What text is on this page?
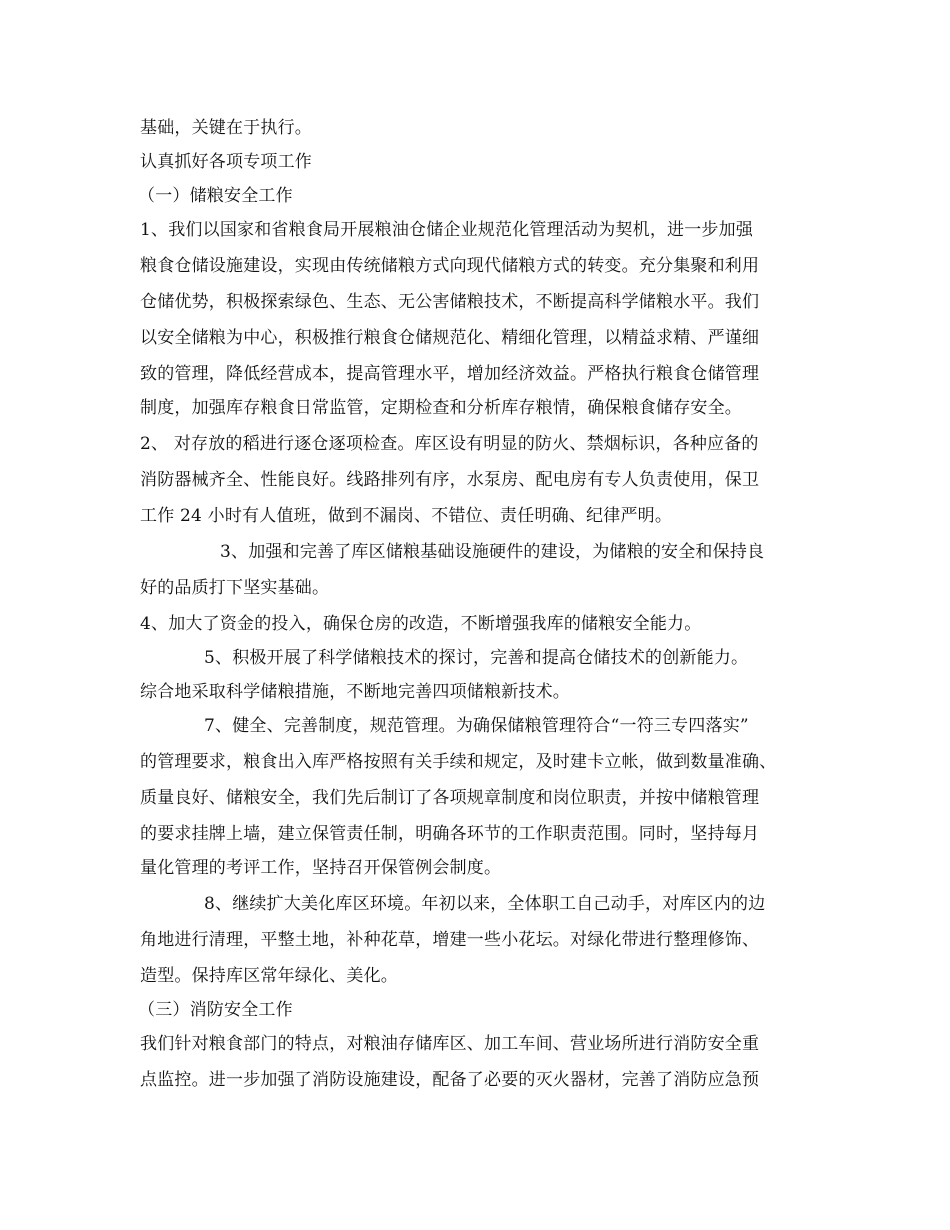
基础，关键在于执行。
认真抓好各项专项工作
（一）储粮安全工作
1、我们以国家和省粮食局开展粮油仓储企业规范化管理活动为契机，进一步加强
粮食仓储设施建设，实现由传统储粮方式向现代储粮方式的转变。充分集聚和利用
仓储优势，积极探索绿色、生态、无公害储粮技术，不断提高科学储粮水平。我们
以安全储粮为中心，积极推行粮食仓储规范化、精细化管理，以精益求精、严谨细
致的管理，降低经营成本，提高管理水平，增加经济效益。严格执行粮食仓储管理
制度，加强库存粮食日常监管，定期检查和分析库存粮情，确保粮食储存安全。
2、 对存放的稻进行逐仓逐项检查。库区设有明显的防火、禁烟标识，各种应备的
消防器械齐全、性能良好。线路排列有序，水泵房、配电房有专人负责使用，保卫
工作 24 小时有人值班，做到不漏岗、不错位、责任明确、纪律严明。
3、加强和完善了库区储粮基础设施硬件的建设，为储粮的安全和保持良
好的品质打下坚实基础。
4、加大了资金的投入，确保仓房的改造，不断增强我库的储粮安全能力。
5、积极开展了科学储粮技术的探讨，完善和提高仓储技术的创新能力。
综合地采取科学储粮措施，不断地完善四项储粮新技术。
7、健全、完善制度，规范管理。为确保储粮管理符合“一符三专四落实”
的管理要求，粮食出入库严格按照有关手续和规定，及时建卡立帐，做到数量准确、
质量良好、储粮安全，我们先后制订了各项规章制度和岗位职责，并按中储粮管理
的要求挂牌上墙，建立保管责任制，明确各环节的工作职责范围。同时，坚持每月
量化管理的考评工作，坚持召开保管例会制度。
8、继续扩大美化库区环境。年初以来，全体职工自己动手，对库区内的边
角地进行清理，平整土地，补种花草，增建一些小花坛。对绿化带进行整理修饰、
造型。保持库区常年绿化、美化。
（三）消防安全工作
我们针对粮食部门的特点，对粮油存储库区、加工车间、营业场所进行消防安全重
点监控。进一步加强了消防设施建设，配备了必要的灭火器材，完善了消防应急预
